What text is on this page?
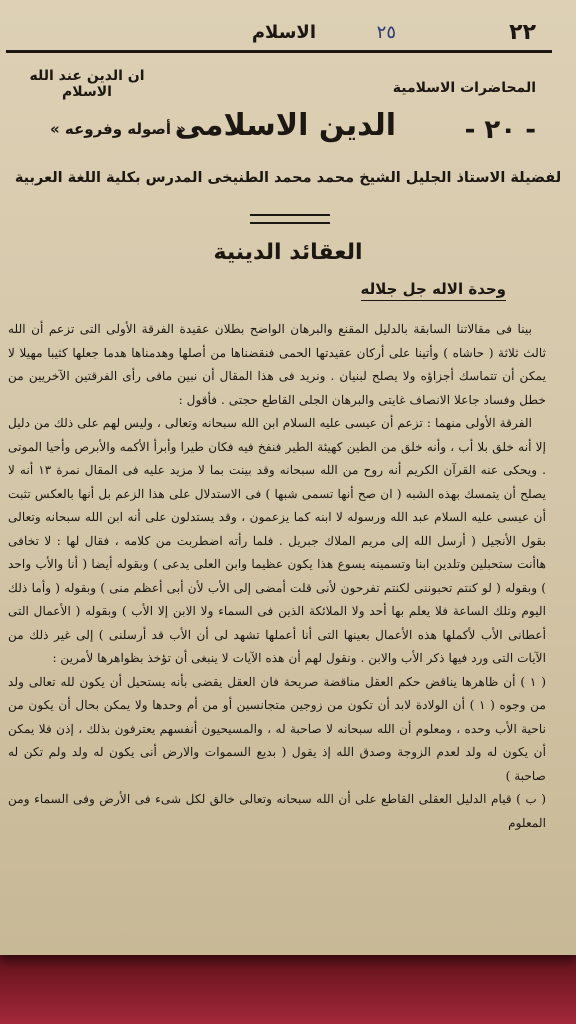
٢٢
الاسلام	٢٥
ان الدين عند الله الاسلام	المحاضرات الاسلامية
- ٢٠ -
الدين الاسلامى
« أصوله وفروعه »
لفضيلة الاستاذ الجليل الشيخ محمد محمد الطنيخى المدرس بكلية اللغة العربية
العقائد الدينية
وحدة الاله جل جلاله

بينا فى مقالاتنا السابقة بالدليل المقنع والبرهان الواضح بطلان عقيدة الفرقة الأولى التى تزعم أن الله ثالث ثلاثة ( حاشاه ) وأتينا على أركان عقيدتها الحمى فنقضناها من أصلها وهدمناها هدما جعلها كثيبا مهيلا لا يمكن أن تتماسك أجزاؤه ولا يصلح لبنيان . ونريد فى هذا المقال أن نبين مافى رأى الفرقتين الآخريين من خطل وفساد جاعلا الانصاف غايتى والبرهان الجلى القاطع حجتى . فأقول :

الفرقة الأولى منهما : تزعم أن عيسى عليه السلام ابن الله سبحانه وتعالى ، وليس لهم على ذلك من دليل إلا أنه خلق بلا أب ، وأنه خلق من الطين كهيئة الطير فنفخ فيه فكان طيرا وأبرأ الأكمه والأبرص وأحيا الموتى . ويحكى عنه القرآن الكريم أنه روح من الله سبحانه وقد بينت بما لا مزيد عليه فى المقال نمرة ١٣ أنه لا يصلح أن يتمسك بهذه الشبه ( ان صح أنها تسمى شبها ) فى الاستدلال على هذا الزعم بل أنها بالعكس تثبت أن عيسى عليه السلام عبد الله ورسوله لا ابنه كما يزعمون ، وقد يستدلون على أنه ابن الله سبحانه وتعالى بقول الأنجيل ( أرسل الله إلى مريم الملاك جبريل . فلما رأته اضطربت من كلامه ، فقال لها : لا تخافى هاأنت ستحبلين وتلدين ابنا وتسمينه يسوع هذا يكون عظيما وابن العلى يدعى ) وبقوله أيضا ( أنا والأب واحد ) وبقوله ( لو كنتم تحبوننى لكنتم تفرحون لأنى قلت أمضى إلى الأب لأن أبى أعظم منى ) وبقوله ( وأما ذلك اليوم وتلك الساعة فلا يعلم بها أحد ولا الملائكة الذين فى السماء ولا الابن إلا الأب ) وبقوله ( الأعمال التى أعطانى الأب لأكملها هذه الأعمال بعينها التى أنا أعملها تشهد لى أن الأب قد أرسلنى ) إلى غير ذلك من الآيات التى ورد فيها ذكر الأب والابن . ونقول لهم أن هذه الآيات لا ينبغى أن تؤخذ بظواهرها لأمرين :

( ١ ) أن ظاهرها يناقض حكم العقل مناقضة صريحة فان العقل يقضى بأنه يستحيل أن يكون لله تعالى ولد من وجوه ( ١ ) أن الولادة لابد أن تكون من زوجين متجانسين أو من أم وحدها ولا يمكن بحال أن يكون من ناحية الأب وحده ، ومعلوم أن الله سبحانه لا صاحبة له ، والمسيحيون أنفسهم يعترفون بذلك ، إذن فلا يمكن أن يكون له ولد لعدم الزوجة وصدق الله إذ يقول ( بديع السموات والارض أنى يكون له ولد ولم تكن له صاحبة )

( ب ) قيام الدليل العقلى القاطع على أن الله سبحانه وتعالى خالق لكل شىء فى الأرض وفى السماء ومن المعلوم
